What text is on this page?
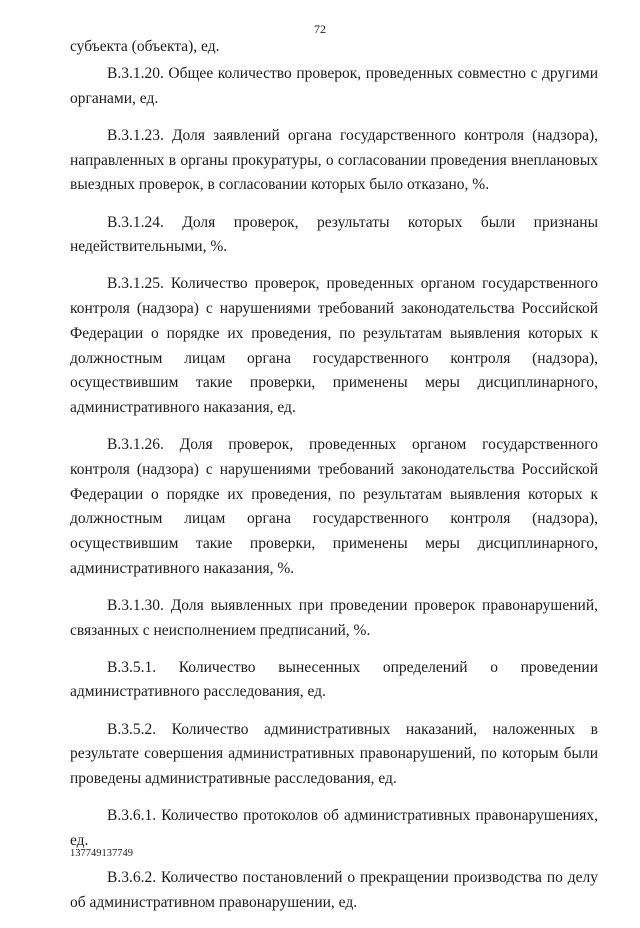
72
субъекта (объекта), ед.

В.3.1.20. Общее количество проверок, проведенных совместно с другими органами, ед.

В.3.1.23. Доля заявлений органа государственного контроля (надзора), направленных в органы прокуратуры, о согласовании проведения внеплановых выездных проверок, в согласовании которых было отказано, %.

В.3.1.24. Доля проверок, результаты которых были признаны недействительными, %.

В.3.1.25. Количество проверок, проведенных органом государственного контроля (надзора) с нарушениями требований законодательства Российской Федерации о порядке их проведения, по результатам выявления которых к должностным лицам органа государственного контроля (надзора), осуществившим такие проверки, применены меры дисциплинарного, административного наказания, ед.

В.3.1.26. Доля проверок, проведенных органом государственного контроля (надзора) с нарушениями требований законодательства Российской Федерации о порядке их проведения, по результатам выявления которых к должностным лицам органа государственного контроля (надзора), осуществившим такие проверки, применены меры дисциплинарного, административного наказания, %.

В.3.1.30. Доля выявленных при проведении проверок правонарушений, связанных с неисполнением предписаний, %.

В.3.5.1. Количество вынесенных определений о проведении административного расследования, ед.

В.3.5.2. Количество административных наказаний, наложенных в результате совершения административных правонарушений, по которым были проведены административные расследования, ед.

В.3.6.1. Количество протоколов об административных правонарушениях, ед.

В.3.6.2. Количество постановлений о прекращении производства по делу об административном правонарушении, ед.

137749137749
